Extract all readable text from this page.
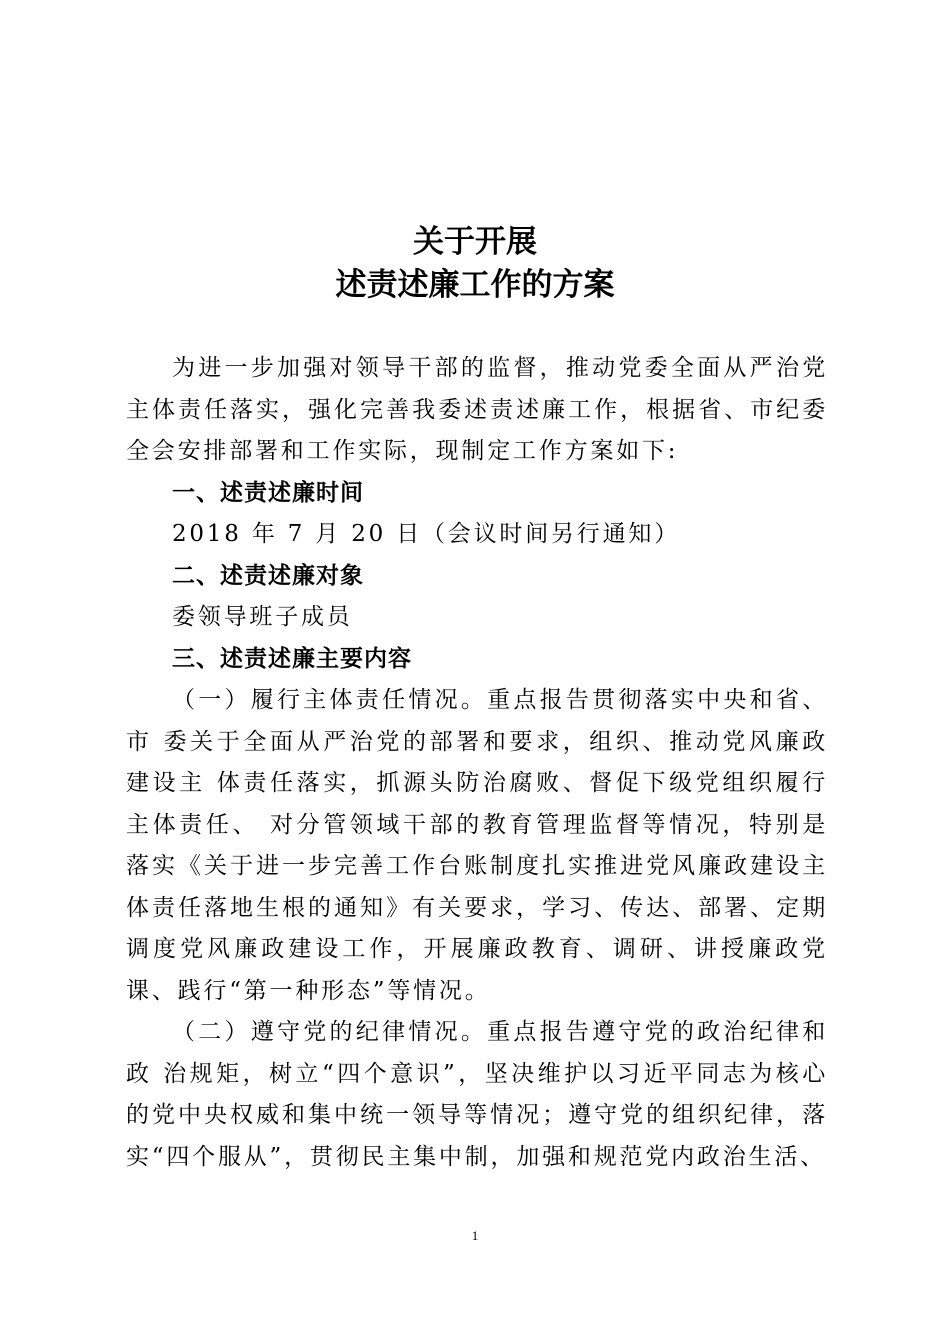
关于开展
述责述廉工作的方案

为进一步加强对领导干部的监督，推动党委全面从严治党主体责任落实，强化完善我委述责述廉工作，根据省、市纪委全会安排部署和工作实际，现制定工作方案如下:

一、述责述廉时间

2018 年 7 月 20 日（会议时间另行通知）

二、述责述廉对象

委领导班子成员

三、述责述廉主要内容

（一）履行主体责任情况。重点报告贯彻落实中央和省、市 委关于全面从严治党的部署和要求，组织、推动党风廉政建设主 体责任落实，抓源头防治腐败、督促下级党组织履行主体责任、 对分管领域干部的教育管理监督等情况，特别是落实《关于进一步完善工作台账制度扎实推进党风廉政建设主体责任落地生根的通知》有关要求，学习、传达、部署、定期调度党风廉政建设工作，开展廉政教育、调研、讲授廉政党课、践行“第一种形态”等情况。

（二）遵守党的纪律情况。重点报告遵守党的政治纪律和政 治规矩，树立“四个意识”，坚决维护以习近平同志为核心的党中央权威和集中统一领导等情况；遵守党的组织纪律，落实“四个服从”，贯彻民主集中制，加强和规范党内政治生活、

1
